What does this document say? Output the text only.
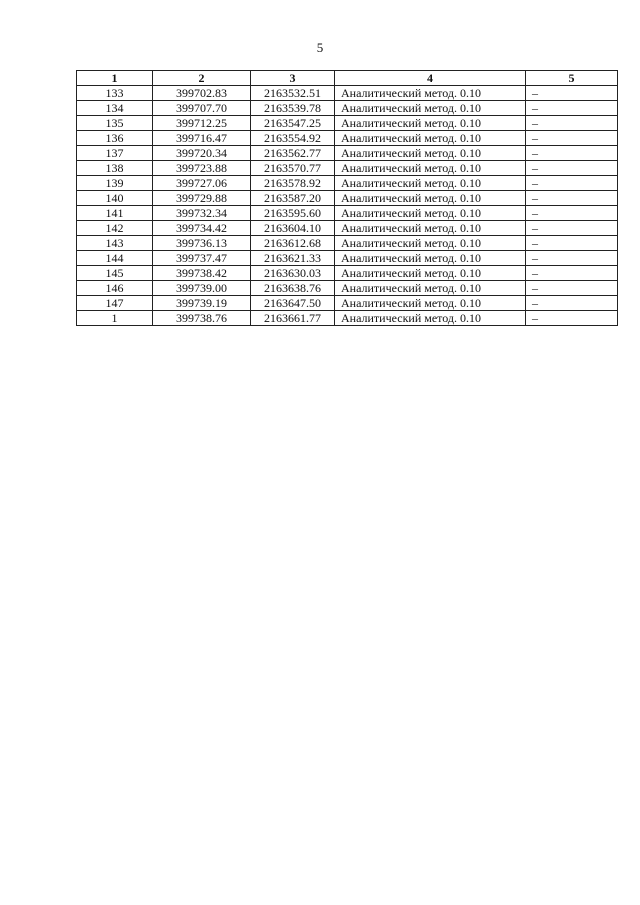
5
1	2	3	4	5
133	399702.83	2163532.51	Аналитический метод. 0.10	–
134	399707.70	2163539.78	Аналитический метод. 0.10	–
135	399712.25	2163547.25	Аналитический метод. 0.10	–
136	399716.47	2163554.92	Аналитический метод. 0.10	–
137	399720.34	2163562.77	Аналитический метод. 0.10	–
138	399723.88	2163570.77	Аналитический метод. 0.10	–
139	399727.06	2163578.92	Аналитический метод. 0.10	–
140	399729.88	2163587.20	Аналитический метод. 0.10	–
141	399732.34	2163595.60	Аналитический метод. 0.10	–
142	399734.42	2163604.10	Аналитический метод. 0.10	–
143	399736.13	2163612.68	Аналитический метод. 0.10	–
144	399737.47	2163621.33	Аналитический метод. 0.10	–
145	399738.42	2163630.03	Аналитический метод. 0.10	–
146	399739.00	2163638.76	Аналитический метод. 0.10	–
147	399739.19	2163647.50	Аналитический метод. 0.10	–
1	399738.76	2163661.77	Аналитический метод. 0.10	–
